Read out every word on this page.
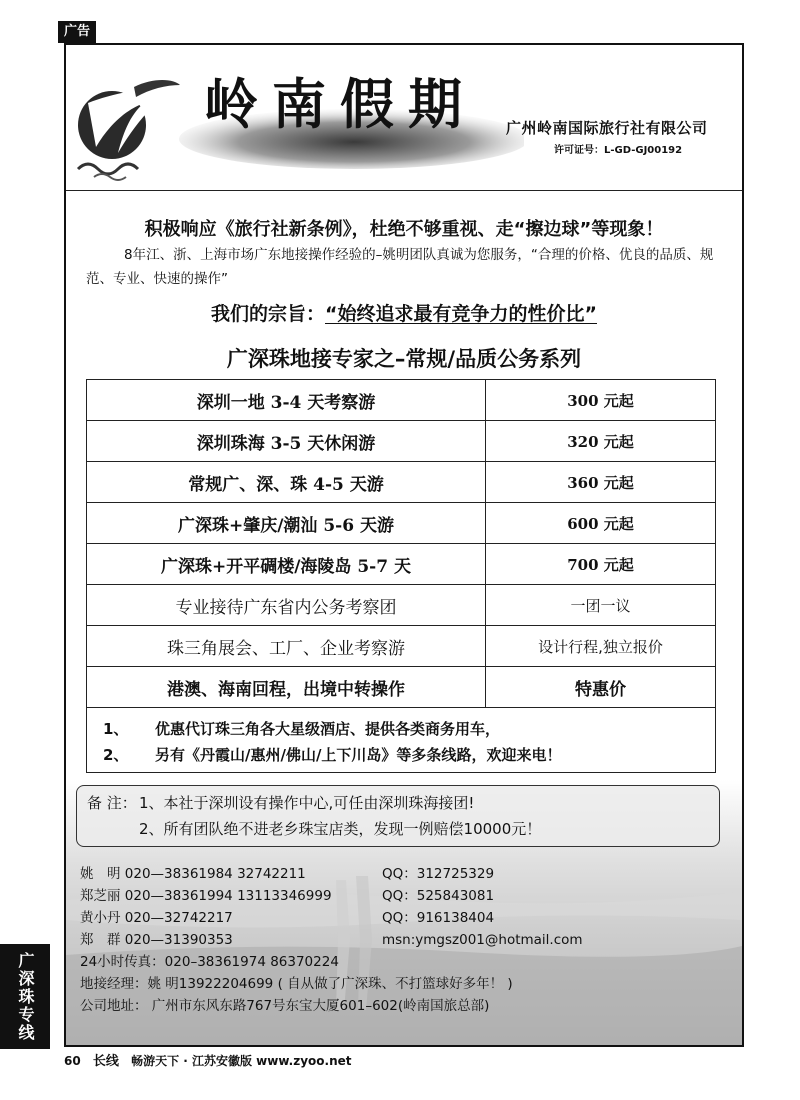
广告
岭南假期 广州岭南国际旅行社有限公司
许可证号：L-GD-GJ00192
积极响应《旅行社新条例》，杜绝不够重视、走“擦边球”等现象！
8年江、浙、上海市场广东地接操作经验的–姚明团队真诚为您服务，“合理的价格、优良的品质、规范、专业、快速的操作”
我们的宗旨：“始终追求最有竞争力的性价比”
广深珠地接专家之–常规/品质公务系列
深圳一地 3-4 天考察游	300 元起
深圳珠海 3-5 天休闲游	320 元起
常规广、深、珠 4-5 天游	360 元起
广深珠+肇庆/潮汕 5-6 天游	600 元起
广深珠+开平碉楼/海陵岛 5-7 天	700 元起
专业接待广东省内公务考察团	一团一议
珠三角展会、工厂、企业考察游	设计行程,独立报价
港澳、海南回程，出境中转操作	特惠价
1、 优惠代订珠三角各大星级酒店、提供各类商务用车，
2、 另有《丹霞山/惠州/佛山/上下川岛》等多条线路，欢迎来电！
备 注： 1、本社于深圳设有操作中心,可任由深圳珠海接团!
2、所有团队绝不进老乡珠宝店类，发现一例赔偿10000元！
姚　明 020—38361984 32742211	QQ：312725329
郑芝丽 020—38361994 13113346999	QQ：525843081
黄小丹 020—32742217	QQ：916138404
郑　群 020—31390353	msn:ymgsz001@hotmail.com
24小时传真：020–38361974 86370224
地接经理：姚 明13922204699 ( 自从做了广深珠、不打篮球好多年！ )
公司地址： 广州市东风东路767号东宝大厦601–602(岭南国旅总部)
广深珠专线
60 长线 畅游天下 · 江苏安徽版 www.zyoo.net
